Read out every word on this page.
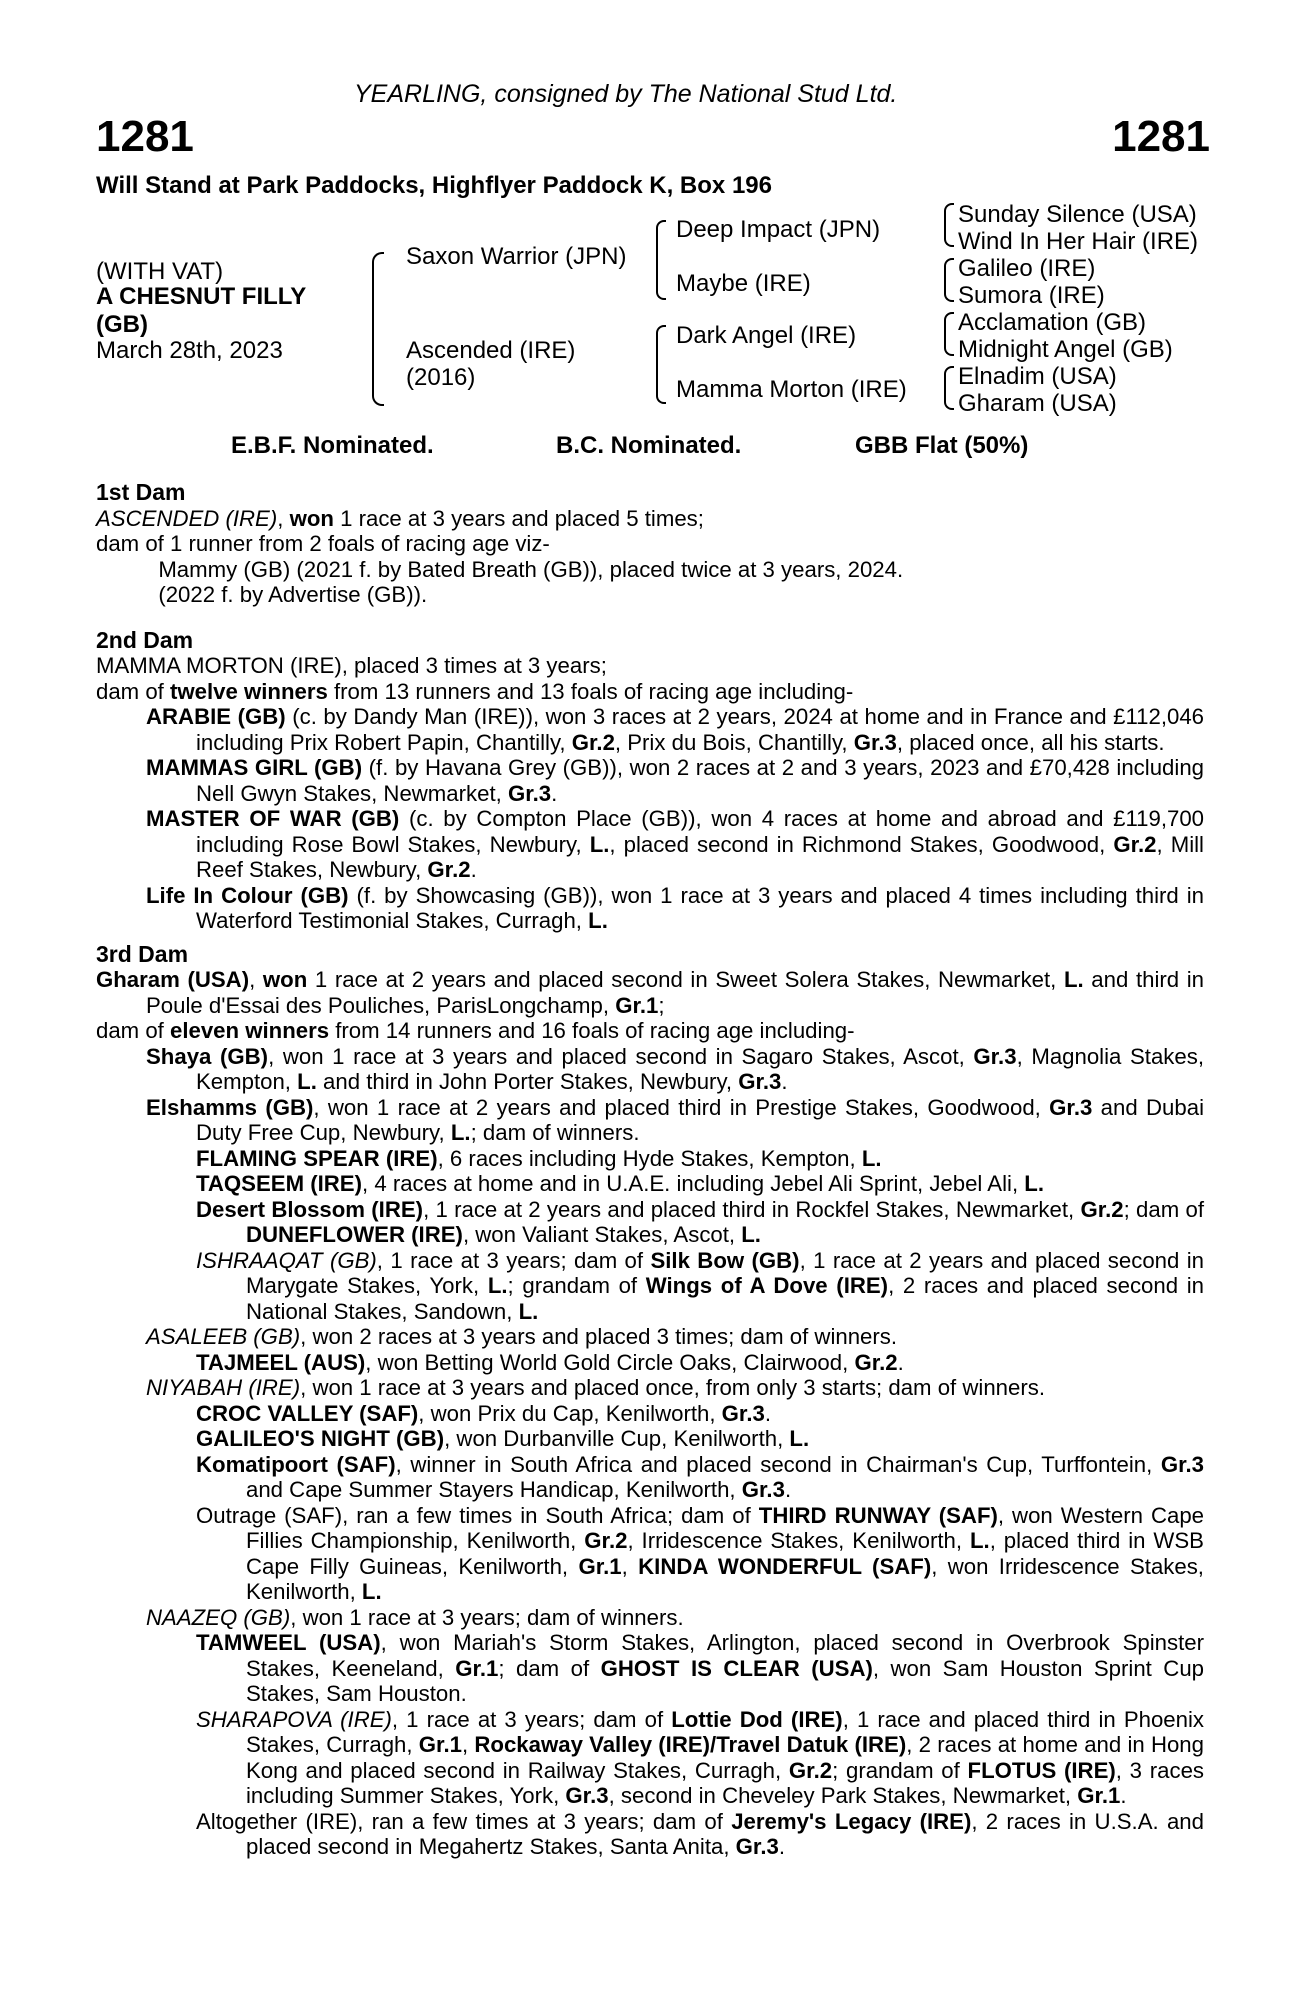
YEARLING, consigned by The National Stud Ltd.
1281	1281
Will Stand at Park Paddocks, Highflyer Paddock K, Box 196
(WITH VAT)
A CHESNUT FILLY
(GB)
March 28th, 2023
Saxon Warrior (JPN)
Ascended (IRE)
(2016)
Deep Impact (JPN)
Maybe (IRE)
Dark Angel (IRE)
Mamma Morton (IRE)
Sunday Silence (USA)
Wind In Her Hair (IRE)
Galileo (IRE)
Sumora (IRE)
Acclamation (GB)
Midnight Angel (GB)
Elnadim (USA)
Gharam (USA)
E.B.F. Nominated.	B.C. Nominated.	GBB Flat (50%)

1st Dam

ASCENDED (IRE), won 1 race at 3 years and placed 5 times;

dam of 1 runner from 2 foals of racing age viz-

Mammy (GB) (2021 f. by Bated Breath (GB)), placed twice at 3 years, 2024.

(2022 f. by Advertise (GB)).

2nd Dam

MAMMA MORTON (IRE), placed 3 times at 3 years;

dam of twelve winners from 13 runners and 13 foals of racing age including-

ARABIE (GB) (c. by Dandy Man (IRE)), won 3 races at 2 years, 2024 at home and in France and £112,046 including Prix Robert Papin, Chantilly, Gr.2, Prix du Bois, Chantilly, Gr.3, placed once, all his starts.

MAMMAS GIRL (GB) (f. by Havana Grey (GB)), won 2 races at 2 and 3 years, 2023 and £70,428 including Nell Gwyn Stakes, Newmarket, Gr.3.

MASTER OF WAR (GB) (c. by Compton Place (GB)), won 4 races at home and abroad and £119,700 including Rose Bowl Stakes, Newbury, L., placed second in Richmond Stakes, Goodwood, Gr.2, Mill Reef Stakes, Newbury, Gr.2.

Life In Colour (GB) (f. by Showcasing (GB)), won 1 race at 3 years and placed 4 times including third in Waterford Testimonial Stakes, Curragh, L.

3rd Dam

Gharam (USA), won 1 race at 2 years and placed second in Sweet Solera Stakes, Newmarket, L. and third in Poule d'Essai des Pouliches, ParisLongchamp, Gr.1;

dam of eleven winners from 14 runners and 16 foals of racing age including-

Shaya (GB), won 1 race at 3 years and placed second in Sagaro Stakes, Ascot, Gr.3, Magnolia Stakes, Kempton, L. and third in John Porter Stakes, Newbury, Gr.3.

Elshamms (GB), won 1 race at 2 years and placed third in Prestige Stakes, Goodwood, Gr.3 and Dubai Duty Free Cup, Newbury, L.; dam of winners.

FLAMING SPEAR (IRE), 6 races including Hyde Stakes, Kempton, L.

TAQSEEM (IRE), 4 races at home and in U.A.E. including Jebel Ali Sprint, Jebel Ali, L.

Desert Blossom (IRE), 1 race at 2 years and placed third in Rockfel Stakes, Newmarket, Gr.2; dam of DUNEFLOWER (IRE), won Valiant Stakes, Ascot, L.

ISHRAAQAT (GB), 1 race at 3 years; dam of Silk Bow (GB), 1 race at 2 years and placed second in Marygate Stakes, York, L.; grandam of Wings of A Dove (IRE), 2 races and placed second in National Stakes, Sandown, L.

ASALEEB (GB), won 2 races at 3 years and placed 3 times; dam of winners.

TAJMEEL (AUS), won Betting World Gold Circle Oaks, Clairwood, Gr.2.

NIYABAH (IRE), won 1 race at 3 years and placed once, from only 3 starts; dam of winners.

CROC VALLEY (SAF), won Prix du Cap, Kenilworth, Gr.3.

GALILEO'S NIGHT (GB), won Durbanville Cup, Kenilworth, L.

Komatipoort (SAF), winner in South Africa and placed second in Chairman's Cup, Turffontein, Gr.3 and Cape Summer Stayers Handicap, Kenilworth, Gr.3.

Outrage (SAF), ran a few times in South Africa; dam of THIRD RUNWAY (SAF), won Western Cape Fillies Championship, Kenilworth, Gr.2, Irridescence Stakes, Kenilworth, L., placed third in WSB Cape Filly Guineas, Kenilworth, Gr.1, KINDA WONDERFUL (SAF), won Irridescence Stakes, Kenilworth, L.

NAAZEQ (GB), won 1 race at 3 years; dam of winners.

TAMWEEL (USA), won Mariah's Storm Stakes, Arlington, placed second in Overbrook Spinster Stakes, Keeneland, Gr.1; dam of GHOST IS CLEAR (USA), won Sam Houston Sprint Cup Stakes, Sam Houston.

SHARAPOVA (IRE), 1 race at 3 years; dam of Lottie Dod (IRE), 1 race and placed third in Phoenix Stakes, Curragh, Gr.1, Rockaway Valley (IRE)/Travel Datuk (IRE), 2 races at home and in Hong Kong and placed second in Railway Stakes, Curragh, Gr.2; grandam of FLOTUS (IRE), 3 races including Summer Stakes, York, Gr.3, second in Cheveley Park Stakes, Newmarket, Gr.1.

Altogether (IRE), ran a few times at 3 years; dam of Jeremy's Legacy (IRE), 2 races in U.S.A. and placed second in Megahertz Stakes, Santa Anita, Gr.3.
